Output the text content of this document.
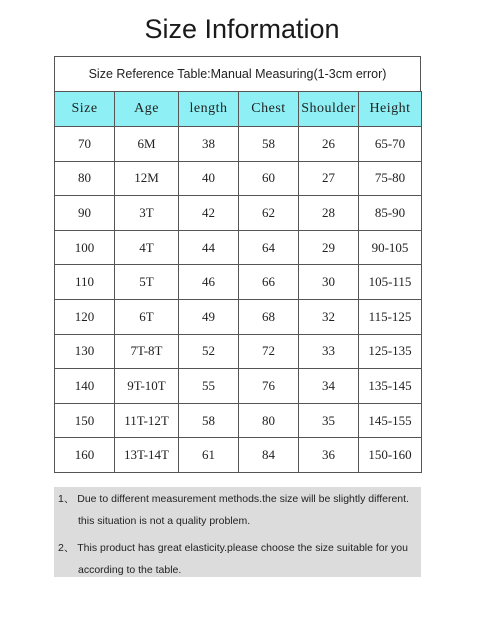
Size Information
Size Reference Table:Manual Measuring(1-3cm error)
Size	Age	length	Chest	Shoulder	Height
70	6M	38	58	26	65-70
80	12M	40	60	27	75-80
90	3T	42	62	28	85-90
100	4T	44	64	29	90-105
110	5T	46	66	30	105-115
120	6T	49	68	32	115-125
130	7T-8T	52	72	33	125-135
140	9T-10T	55	76	34	135-145
150	11T-12T	58	80	35	145-155
160	13T-14T	61	84	36	150-160
1、 Due to different measurement methods.the size will be slightly different.
this situation is not a quality problem.
2、 This product has great elasticity.please choose the size suitable for you
according to the table.
